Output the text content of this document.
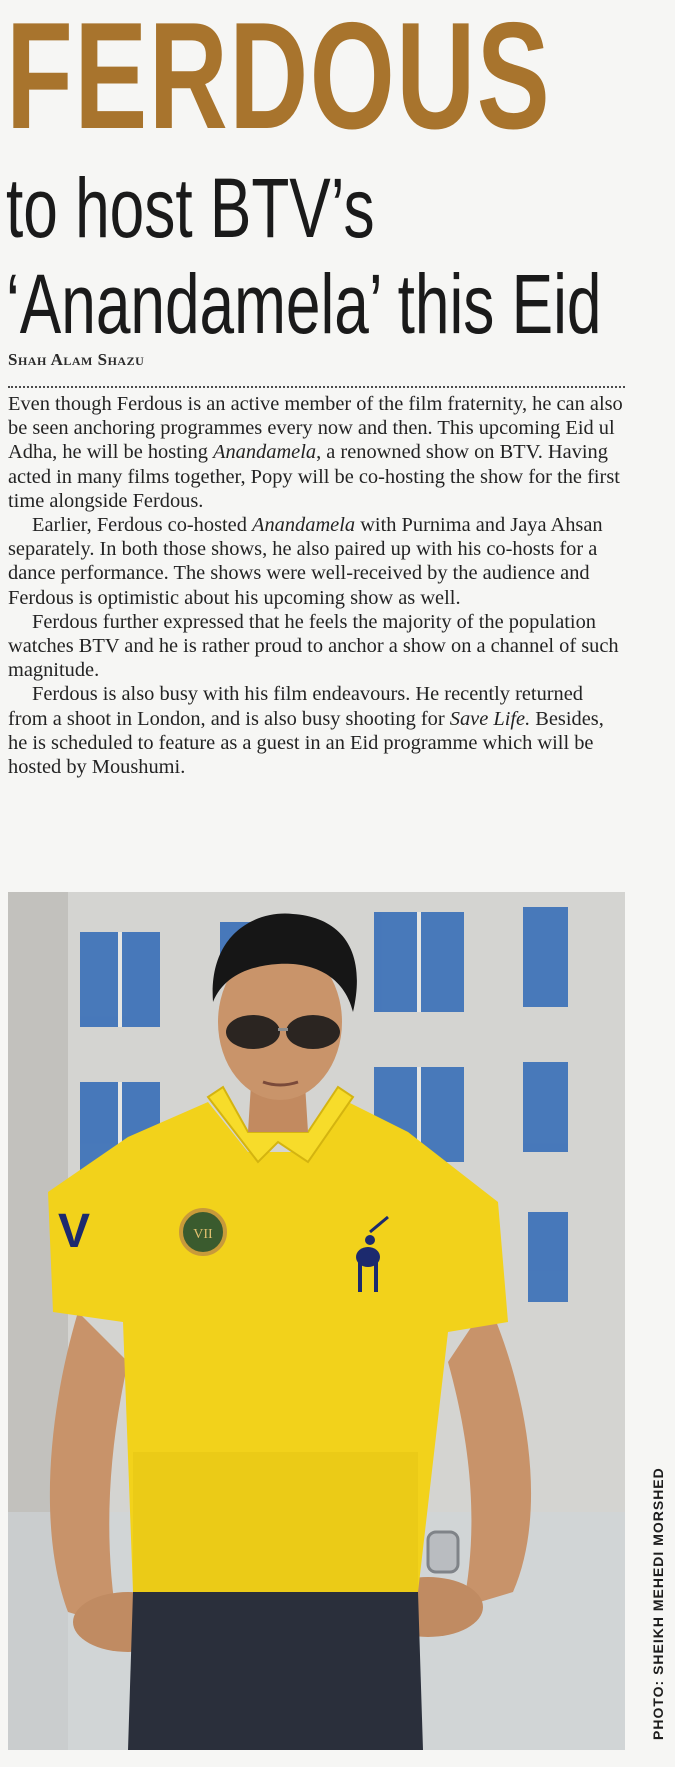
FERDOUS
to host BTV’s
‘Anandamela’ this Eid
Shah Alam Shazu

Even though Ferdous is an active member of the film fraternity, he can also be seen anchoring programmes every now and then. This upcoming Eid ul Adha, he will be hosting Anandamela, a renowned show on BTV. Having acted in many films together, Popy will be co-hosting the show for the first time alongside Ferdous.

Earlier, Ferdous co-hosted Anandamela with Purnima and Jaya Ahsan separately. In both those shows, he also paired up with his co-hosts for a dance performance. The shows were well-received by the audience and Ferdous is optimistic about his upcoming show as well.

Ferdous further expressed that he feels the majority of the population watches BTV and he is rather proud to anchor a show on a channel of such magnitude.

Ferdous is also busy with his film endeavours. He recently returned from a shoot in London, and is also busy shooting for Save Life. Besides, he is scheduled to feature as a guest in an Eid programme which will be hosted by Moushumi.

VII
V
PHOTO: SHEIKH MEHEDI MORSHED
